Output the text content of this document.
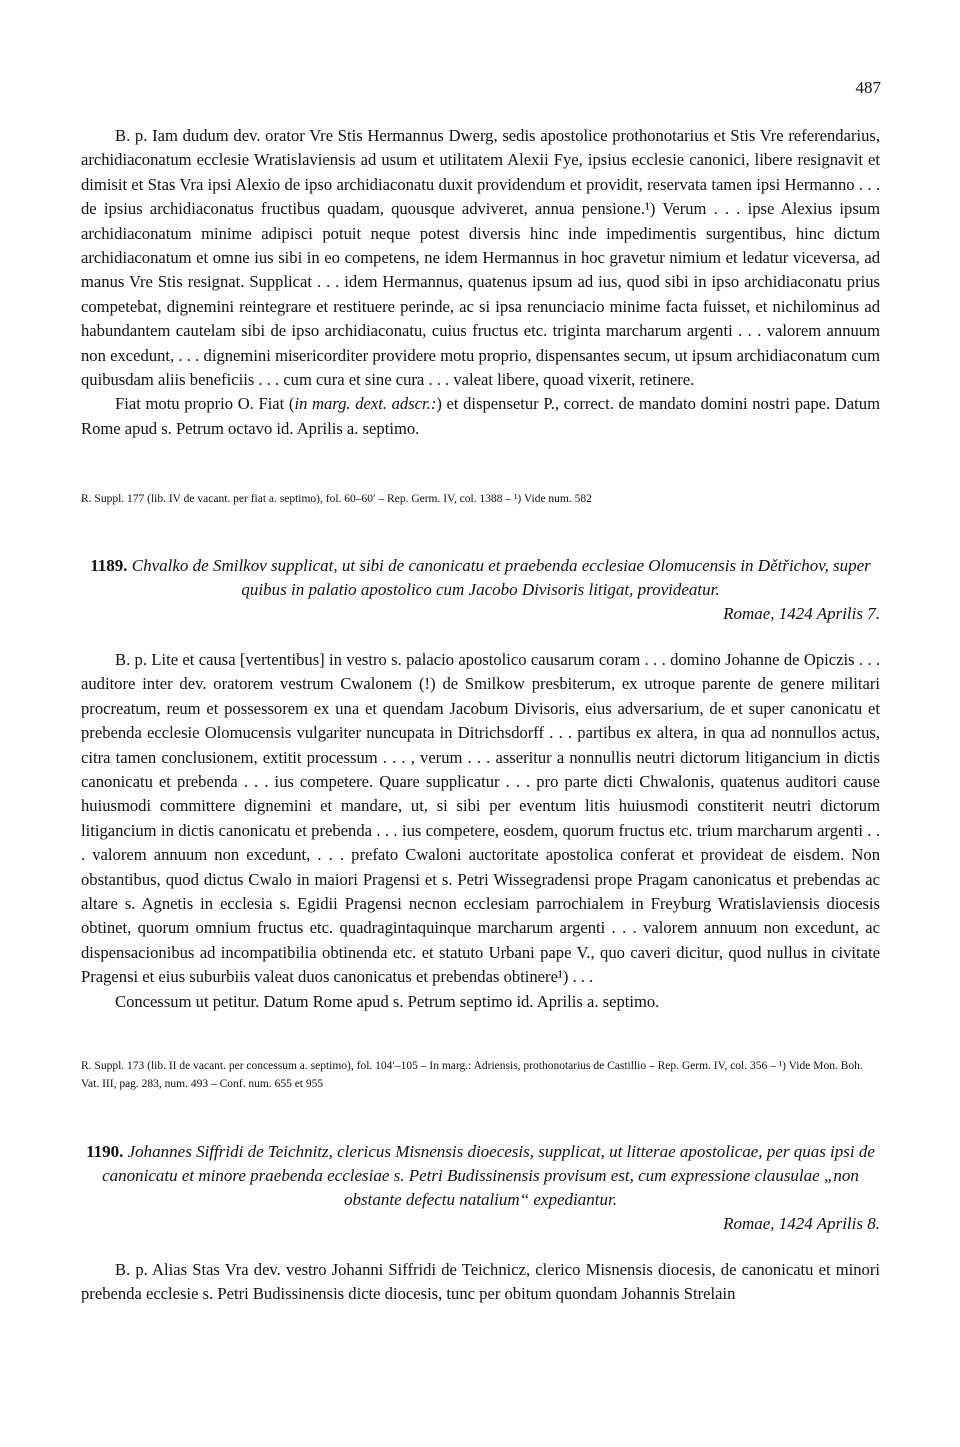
487

B. p. Iam dudum dev. orator Vre Stis Hermannus Dwerg, sedis apostolice prothonotarius et Stis Vre referendarius, archidiaconatum ecclesie Wratislaviensis ad usum et utilitatem Alexii Fye, ipsius ecclesie canonici, libere resignavit et dimisit et Stas Vra ipsi Alexio de ipso archidiaconatu duxit providendum et providit, reservata tamen ipsi Hermanno . . . de ipsius archidiaconatus fructibus quadam, quousque adviveret, annua pensione.¹) Verum . . . ipse Alexius ipsum archidiaconatum minime adipisci potuit neque potest diversis hinc inde impedimentis surgentibus, hinc dictum archidiaconatum et omne ius sibi in eo competens, ne idem Hermannus in hoc gravetur nimium et ledatur viceversa, ad manus Vre Stis resignat. Supplicat . . . idem Hermannus, quatenus ipsum ad ius, quod sibi in ipso archidiaconatu prius competebat, dignemini reintegrare et restituere perinde, ac si ipsa renunciacio minime facta fuisset, et nichilominus ad habundantem cautelam sibi de ipso archidiaconatu, cuius fructus etc. triginta marcharum argenti . . . valorem annuum non excedunt, . . . dignemini misericorditer providere motu proprio, dispensantes secum, ut ipsum archidiaconatum cum quibusdam aliis beneficiis . . . cum cura et sine cura . . . valeat libere, quoad vixerit, retinere.

Fiat motu proprio O. Fiat (in marg. dext. adscr.:) et dispensetur P., correct. de mandato domini nostri pape. Datum Rome apud s. Petrum octavo id. Aprilis a. septimo.

R. Suppl. 177 (lib. IV de vacant. per fiat a. septimo), fol. 60–60′ – Rep. Germ. IV, col. 1388 – ¹) Vide num. 582

1189. Chvalko de Smilkov supplicat, ut sibi de canonicatu et praebenda ecclesiae Olomucensis in Dětřichov, super quibus in palatio apostolico cum Jacobo Divisoris litigat, provideatur.

Romae, 1424 Aprilis 7.

B. p. Lite et causa [vertentibus] in vestro s. palacio apostolico causarum coram . . . domino Johanne de Opiczis . . . auditore inter dev. oratorem vestrum Cwalonem (!) de Smilkow presbiterum, ex utroque parente de genere militari procreatum, reum et possessorem ex una et quendam Jacobum Divisoris, eius adversarium, de et super canonicatu et prebenda ecclesie Olomucensis vulgariter nuncupata in Ditrichsdorff . . . partibus ex altera, in qua ad nonnullos actus, citra tamen conclusionem, extitit processum . . . , verum . . . asseritur a nonnullis neutri dictorum litigancium in dictis canonicatu et prebenda . . . ius competere. Quare supplicatur . . . pro parte dicti Chwalonis, quatenus auditori cause huiusmodi committere dignemini et mandare, ut, si sibi per eventum litis huiusmodi constiterit neutri dictorum litigancium in dictis canonicatu et prebenda . . . ius competere, eosdem, quorum fructus etc. trium marcharum argenti . . . valorem annuum non excedunt, . . . prefato Cwaloni auctoritate apostolica conferat et provideat de eisdem. Non obstantibus, quod dictus Cwalo in maiori Pragensi et s. Petri Wissegradensi prope Pragam canonicatus et prebendas ac altare s. Agnetis in ecclesia s. Egidii Pragensi necnon ecclesiam parrochialem in Freyburg Wratislaviensis diocesis obtinet, quorum omnium fructus etc. quadragintaquinque marcharum argenti . . . valorem annuum non excedunt, ac dispensacionibus ad incompatibilia obtinenda etc. et statuto Urbani pape V., quo caveri dicitur, quod nullus in civitate Pragensi et eius suburbiis valeat duos canonicatus et prebendas obtinere¹) . . .

Concessum ut petitur. Datum Rome apud s. Petrum septimo id. Aprilis a. septimo.

R. Suppl. 173 (lib. II de vacant. per concessum a. septimo), fol. 104′–105 – In marg.: Adriensis, prothonotarius de Castillio – Rep. Germ. IV, col. 356 – ¹) Vide Mon. Boh. Vat. III, pag. 283, num. 493 – Conf. num. 655 et 955

1190. Johannes Siffridi de Teichnitz, clericus Misnensis dioecesis, supplicat, ut litterae apostolicae, per quas ipsi de canonicatu et minore praebenda ecclesiae s. Petri Budissinensis provisum est, cum expressione clausulae „non obstante defectu natalium“ expediantur.

Romae, 1424 Aprilis 8.

B. p. Alias Stas Vra dev. vestro Johanni Siffridi de Teichnicz, clerico Misnensis diocesis, de canonicatu et minori prebenda ecclesie s. Petri Budissinensis dicte diocesis, tunc per obitum quondam Johannis Strelain
